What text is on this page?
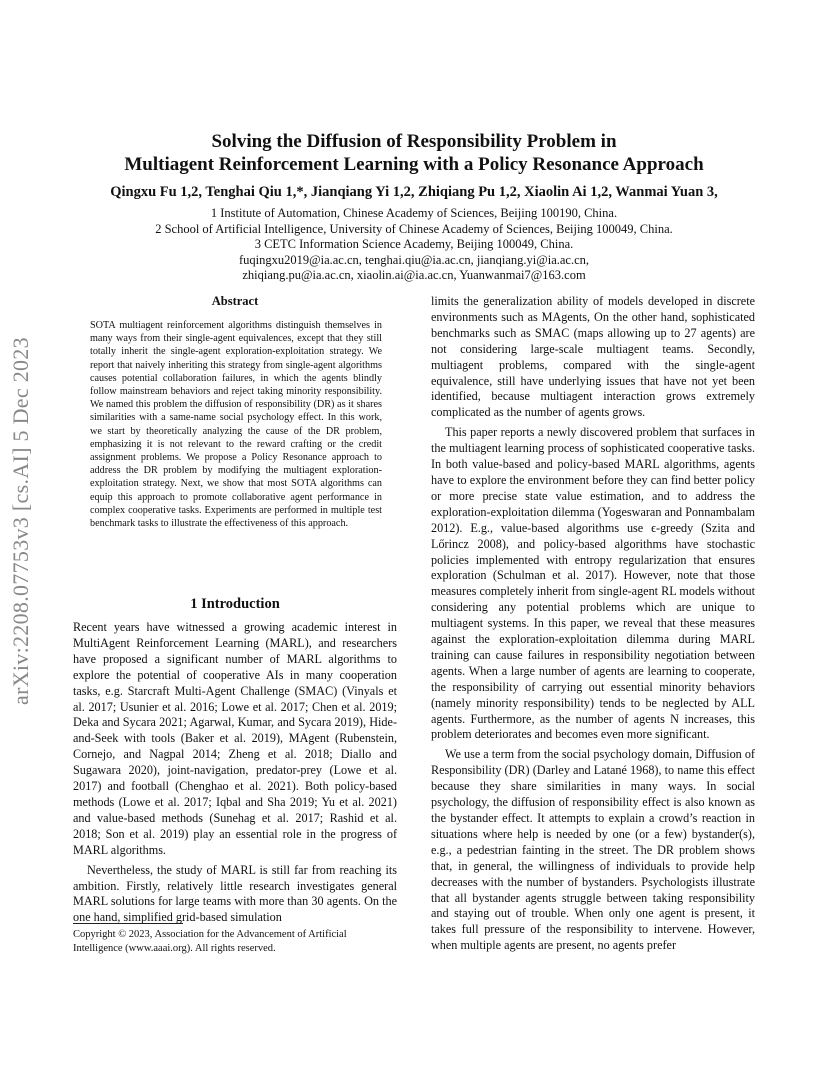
arXiv:2208.07753v3 [cs.AI] 5 Dec 2023
Solving the Diffusion of Responsibility Problem in
Multiagent Reinforcement Learning with a Policy Resonance Approach
Qingxu Fu 1,2, Tenghai Qiu 1,*, Jianqiang Yi 1,2, Zhiqiang Pu 1,2, Xiaolin Ai 1,2, Wanmai Yuan 3,
1 Institute of Automation, Chinese Academy of Sciences, Beijing 100190, China.
2 School of Artificial Intelligence, University of Chinese Academy of Sciences, Beijing 100049, China.
3 CETC Information Science Academy, Beijing 100049, China.
fuqingxu2019@ia.ac.cn, tenghai.qiu@ia.ac.cn, jianqiang.yi@ia.ac.cn,
zhiqiang.pu@ia.ac.cn, xiaolin.ai@ia.ac.cn, Yuanwanmai7@163.com
Abstract
SOTA multiagent reinforcement algorithms distinguish themselves in many ways from their single-agent equivalences, except that they still totally inherit the single-agent exploration-exploitation strategy. We report that naively inheriting this strategy from single-agent algorithms causes potential collaboration failures, in which the agents blindly follow mainstream behaviors and reject taking minority responsibility. We named this problem the diffusion of responsibility (DR) as it shares similarities with a same-name social psychology effect. In this work, we start by theoretically analyzing the cause of the DR problem, emphasizing it is not relevant to the reward crafting or the credit assignment problems. We propose a Policy Resonance approach to address the DR problem by modifying the multiagent exploration-exploitation strategy. Next, we show that most SOTA algorithms can equip this approach to promote collaborative agent performance in complex cooperative tasks. Experiments are performed in multiple test benchmark tasks to illustrate the effectiveness of this approach.
1 Introduction

Recent years have witnessed a growing academic interest in MultiAgent Reinforcement Learning (MARL), and researchers have proposed a significant number of MARL algorithms to explore the potential of cooperative AIs in many cooperation tasks, e.g. Starcraft Multi-Agent Challenge (SMAC) (Vinyals et al. 2017; Usunier et al. 2016; Lowe et al. 2017; Chen et al. 2019; Deka and Sycara 2021; Agarwal, Kumar, and Sycara 2019), Hide-and-Seek with tools (Baker et al. 2019), MAgent (Rubenstein, Cornejo, and Nagpal 2014; Zheng et al. 2018; Diallo and Sugawara 2020), joint-navigation, predator-prey (Lowe et al. 2017) and football (Chenghao et al. 2021). Both policy-based methods (Lowe et al. 2017; Iqbal and Sha 2019; Yu et al. 2021) and value-based methods (Sunehag et al. 2017; Rashid et al. 2018; Son et al. 2019) play an essential role in the progress of MARL algorithms.

Nevertheless, the study of MARL is still far from reaching its ambition. Firstly, relatively little research investigates general MARL solutions for large teams with more than 30 agents. On the one hand, simplified grid-based simulation

Copyright © 2023, Association for the Advancement of Artificial Intelligence (www.aaai.org). All rights reserved.

limits the generalization ability of models developed in discrete environments such as MAgents, On the other hand, sophisticated benchmarks such as SMAC (maps allowing up to 27 agents) are not considering large-scale multiagent teams. Secondly, multiagent problems, compared with the single-agent equivalence, still have underlying issues that have not yet been identified, because multiagent interaction grows extremely complicated as the number of agents grows.

This paper reports a newly discovered problem that surfaces in the multiagent learning process of sophisticated cooperative tasks. In both value-based and policy-based MARL algorithms, agents have to explore the environment before they can find better policy or more precise state value estimation, and to address the exploration-exploitation dilemma (Yogeswaran and Ponnambalam 2012). E.g., value-based algorithms use ϵ-greedy (Szita and Lőrincz 2008), and policy-based algorithms have stochastic policies implemented with entropy regularization that ensures exploration (Schulman et al. 2017). However, note that those measures completely inherit from single-agent RL models without considering any potential problems which are unique to multiagent systems. In this paper, we reveal that these measures against the exploration-exploitation dilemma during MARL training can cause failures in responsibility negotiation between agents. When a large number of agents are learning to cooperate, the responsibility of carrying out essential minority behaviors (namely minority responsibility) tends to be neglected by ALL agents. Furthermore, as the number of agents N increases, this problem deteriorates and becomes even more significant.

We use a term from the social psychology domain, Diffusion of Responsibility (DR) (Darley and Latané 1968), to name this effect because they share similarities in many ways. In social psychology, the diffusion of responsibility effect is also known as the bystander effect. It attempts to explain a crowd’s reaction in situations where help is needed by one (or a few) bystander(s), e.g., a pedestrian fainting in the street. The DR problem shows that, in general, the willingness of individuals to provide help decreases with the number of bystanders. Psychologists illustrate that all bystander agents struggle between taking responsibility and staying out of trouble. When only one agent is present, it takes full pressure of the responsibility to intervene. However, when multiple agents are present, no agents prefer
